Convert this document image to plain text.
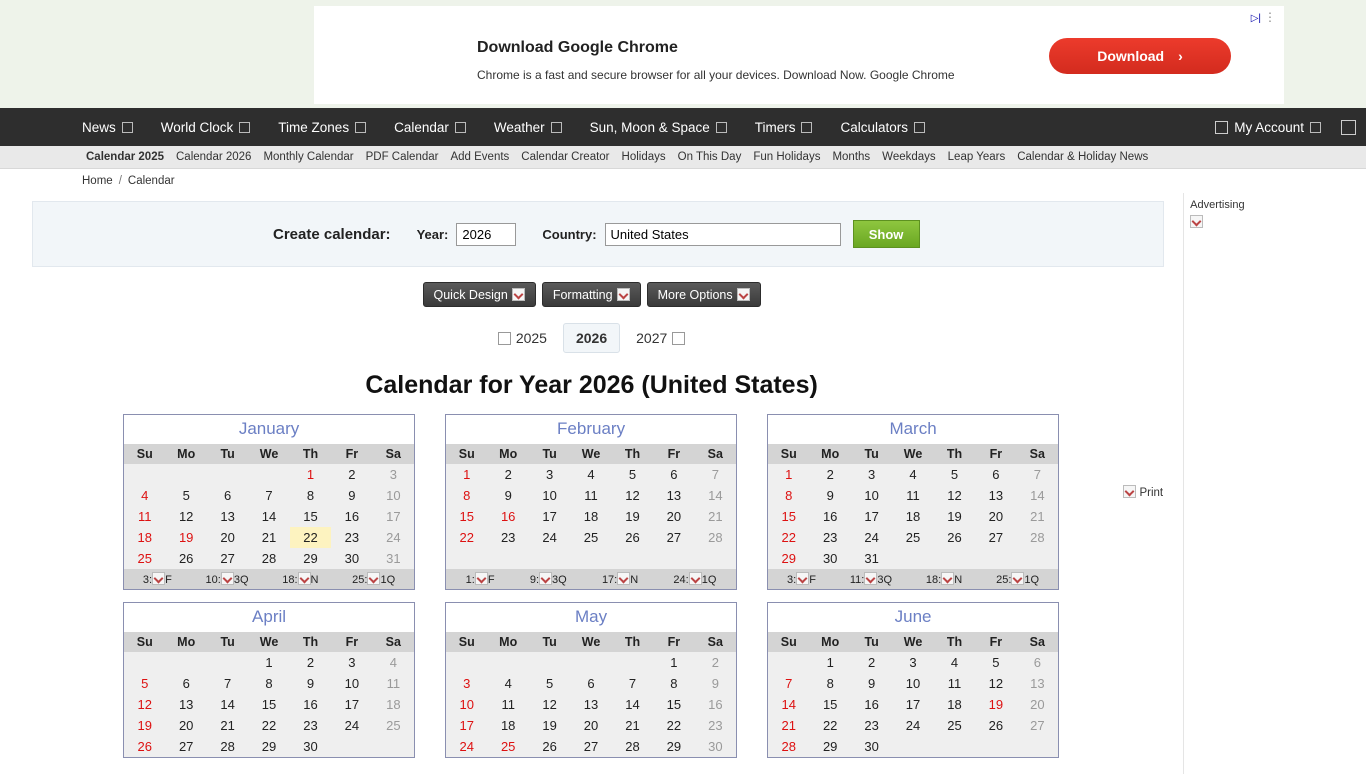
▷| ⋮
Download Google Chrome
Chrome is a fast and secure browser for all your devices. Download Now. Google Chrome
Download ›
News	World Clock	Time Zones	Calendar	Weather	Sun, Moon & Space	Timers	Calculators	My Account
Calendar 2025	Calendar 2026	Monthly Calendar	PDF Calendar	Add Events	Calendar Creator	Holidays	On This Day	Fun Holidays	Months	Weekdays	Leap Years	Calendar & Holiday News
Home / Calendar
Create calendar: Year:
2026	Country:
United States	Show
Quick Design	Formatting	More Options
Print
2025 2026 2027
Calendar for Year 2026 (United States)
January
Su	Mo	Tu	We	Th	Fr	Sa
				1	2	3
4	5	6	7	8	9	10
11	12	13	14	15	16	17
18	19	20	21	22	23	24
25	26	27	28	29	30	31
3: F	10: 3Q	18: N	25: 1Q
February
Su	Mo	Tu	We	Th	Fr	Sa
1	2	3	4	5	6	7
8	9	10	11	12	13	14
15	16	17	18	19	20	21
22	23	24	25	26	27	28

1: F	9: 3Q	17: N	24: 1Q
March
Su	Mo	Tu	We	Th	Fr	Sa
1	2	3	4	5	6	7
8	9	10	11	12	13	14
15	16	17	18	19	20	21
22	23	24	25	26	27	28
29	30	31				
3: F	11: 3Q	18: N	25: 1Q
April
Su	Mo	Tu	We	Th	Fr	Sa
			1	2	3	4
5	6	7	8	9	10	11
12	13	14	15	16	17	18
19	20	21	22	23	24	25
26	27	28	29	30		
May
Su	Mo	Tu	We	Th	Fr	Sa
					1	2
3	4	5	6	7	8	9
10	11	12	13	14	15	16
17	18	19	20	21	22	23
24	25	26	27	28	29	30
June
Su	Mo	Tu	We	Th	Fr	Sa
	1	2	3	4	5	6
7	8	9	10	11	12	13
14	15	16	17	18	19	20
21	22	23	24	25	26	27
28	29	30				
Advertising
